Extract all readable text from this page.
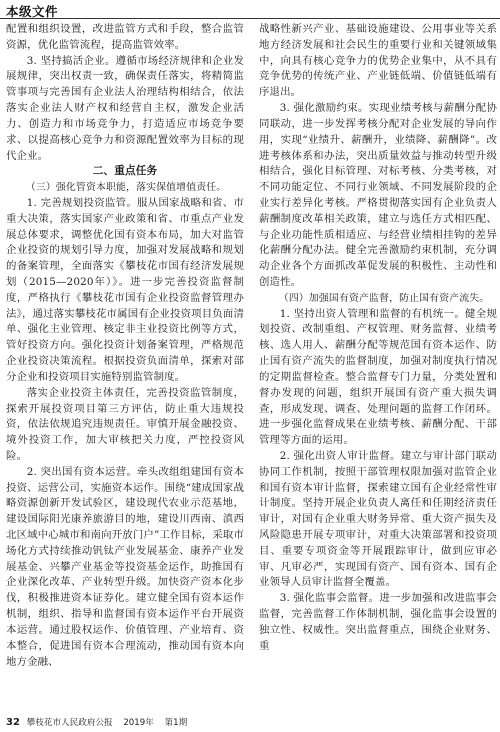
本级文件

配置和组织设置，改进监管方式和手段，整合监管资源，优化监管流程，提高监管效率。

3. 坚持搞活企业。遵循市场经济规律和企业发展规律，突出权责一致，确保责任落实，将精简监管事项与完善国有企业法人治理结构相结合，依法落实企业法人财产权和经营自主权，激发企业活力、创造力和市场竞争力，打造适应市场竞争要求、以提高核心竞争力和资源配置效率为目标的现代企业。

二、重点任务

（三）强化管资本职能，落实保值增值责任。

1. 完善规划投资监管。服从国家战略和省、市重大决策，落实国家产业政策和省、市重点产业发展总体要求，调整优化国有资本布局，加大对监管企业投资的规划引导力度，加强对发展战略和规划的备案管理，全面落实《攀枝花市国有经济发展规划（2015—2020年）》。进一步完善投资监督制度，严格执行《攀枝花市国有企业投资监督管理办法》，通过落实攀枝花市属国有企业投资项目负面清单、强化主业管理、核定非主业投资比例等方式，管好投资方向。强化投资计划备案管理，严格规范企业投资决策流程。根据投资负面清单，探索对部分企业和投资项目实施特别监管制度。

落实企业投资主体责任，完善投资监管制度，探索开展投资项目第三方评估，防止重大违规投资，依法依规追究违规责任。审慎开展金融投资、境外投资工作，加大审核把关力度，严控投资风险。

2. 突出国有资本运营。牵头改组组建国有资本投资、运营公司，实施资本运作。围绕“建成国家战略资源创新开发试验区，建设现代农业示范基地，建设国际阳光康养旅游目的地，建设川西南、滇西北区域中心城市和南向开放门户”工作目标，采取市场化方式持续推动钒钛产业发展基金、康养产业发展基金、兴攀产业基金等投资基金运作，助推国有企业深化改革、产业转型升级。加快资产资本化步伐，积极推进资本证券化。建立健全国有资本运作机制，组织、指导和监督国有资本运作平台开展资本运营。通过股权运作、价值管理、产业培育、资本整合，促进国有资本合理流动，推动国有资本向地方金融、

战略性新兴产业、基础设施建设、公用事业等关系地方经济发展和社会民生的重要行业和关键领域集中，向具有核心竞争力的优势企业集中，从不具有竞争优势的传统产业、产业链低端、价值链低端有序退出。

3. 强化激励约束。实现业绩考核与薪酬分配协同联动，进一步发挥考核分配对企业发展的导向作用，实现“业绩升、薪酬升，业绩降、薪酬降”。改进考核体系和办法，突出质量效益与推动转型升级相结合，强化目标管理、对标考核、分类考核，对不同功能定位、不同行业领域、不同发展阶段的企业实行差异化考核。严格贯彻落实国有企业负责人薪酬制度改革相关政策，建立与选任方式相匹配、与企业功能性质相适应、与经营业绩相挂钩的差异化薪酬分配办法。健全完善激励约束机制，充分调动企业各个方面抓改革促发展的积极性、主动性和创造性。

（四）加强国有资产监督，防止国有资产流失。

1. 坚持出资人管理和监督的有机统一。健全规划投资、改制重组、产权管理、财务监督、业绩考核、选人用人、薪酬分配等规范国有资本运作、防止国有资产流失的监督制度，加强对制度执行情况的定期监督检查。整合监督专门力量，分类处置和督办发现的问题，组织开展国有资产重大损失调查，形成发现、调查、处理问题的监督工作闭环。进一步强化监督成果在业绩考核、薪酬分配、干部管理等方面的运用。

2. 强化出资人审计监督。建立与审计部门联动协同工作机制，按照干部管理权限加强对监管企业和国有资本审计监督，探索建立国有企业经常性审计制度。坚持开展企业负责人离任和任期经济责任审计，对国有企业重大财务异常、重大资产损失及风险隐患开展专项审计，对重大决策部署和投资项目、重要专项资金等开展跟踪审计，做到应审必审、凡审必严，实现国有资产、国有资本、国有企业领导人员审计监督全覆盖。

3. 强化监事会监督。进一步加强和改进监事会监督，完善监督工作体制机制，强化监事会设置的独立性、权威性。突出监督重点，围绕企业财务、重

32 攀枝花市人民政府公报 2019年 第1期
